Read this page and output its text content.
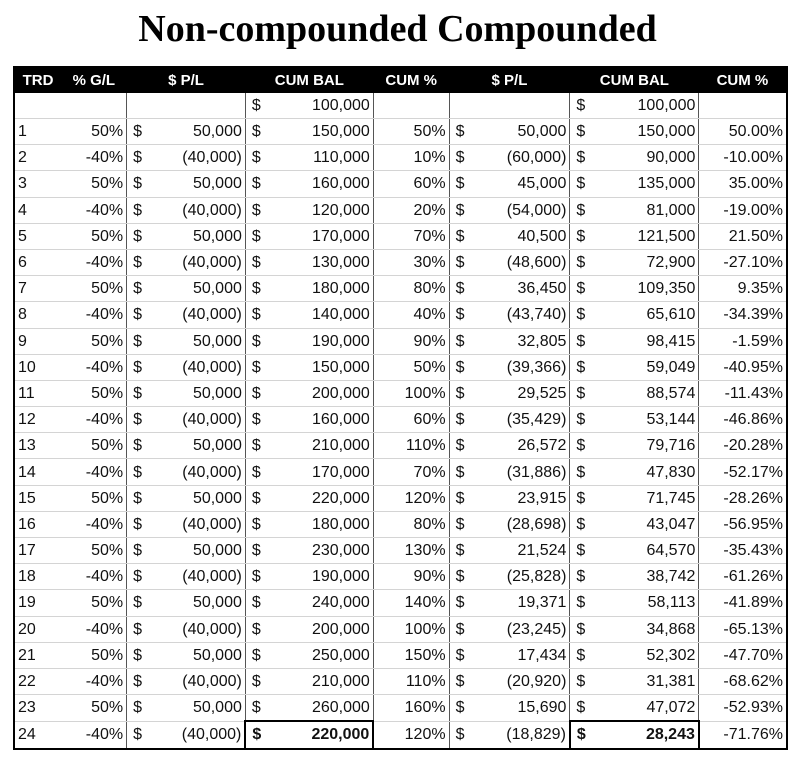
Non-compounded Compounded
TRD	% G/L	$ P/L		CUM BAL		CUM %	$ P/L		CUM BAL		CUM %
				$	100,000				$	100,000	
1	50%	$	50,000	$	150,000	50%	$	50,000	$	150,000	50.00%
2	-40%	$	(40,000)	$	110,000	10%	$	(60,000)	$	90,000	-10.00%
3	50%	$	50,000	$	160,000	60%	$	45,000	$	135,000	35.00%
4	-40%	$	(40,000)	$	120,000	20%	$	(54,000)	$	81,000	-19.00%
5	50%	$	50,000	$	170,000	70%	$	40,500	$	121,500	21.50%
6	-40%	$	(40,000)	$	130,000	30%	$	(48,600)	$	72,900	-27.10%
7	50%	$	50,000	$	180,000	80%	$	36,450	$	109,350	9.35%
8	-40%	$	(40,000)	$	140,000	40%	$	(43,740)	$	65,610	-34.39%
9	50%	$	50,000	$	190,000	90%	$	32,805	$	98,415	-1.59%
10	-40%	$	(40,000)	$	150,000	50%	$	(39,366)	$	59,049	-40.95%
11	50%	$	50,000	$	200,000	100%	$	29,525	$	88,574	-11.43%
12	-40%	$	(40,000)	$	160,000	60%	$	(35,429)	$	53,144	-46.86%
13	50%	$	50,000	$	210,000	110%	$	26,572	$	79,716	-20.28%
14	-40%	$	(40,000)	$	170,000	70%	$	(31,886)	$	47,830	-52.17%
15	50%	$	50,000	$	220,000	120%	$	23,915	$	71,745	-28.26%
16	-40%	$	(40,000)	$	180,000	80%	$	(28,698)	$	43,047	-56.95%
17	50%	$	50,000	$	230,000	130%	$	21,524	$	64,570	-35.43%
18	-40%	$	(40,000)	$	190,000	90%	$	(25,828)	$	38,742	-61.26%
19	50%	$	50,000	$	240,000	140%	$	19,371	$	58,113	-41.89%
20	-40%	$	(40,000)	$	200,000	100%	$	(23,245)	$	34,868	-65.13%
21	50%	$	50,000	$	250,000	150%	$	17,434	$	52,302	-47.70%
22	-40%	$	(40,000)	$	210,000	110%	$	(20,920)	$	31,381	-68.62%
23	50%	$	50,000	$	260,000	160%	$	15,690	$	47,072	-52.93%
24	-40%	$	(40,000)	$	220,000	120%	$	(18,829)	$	28,243	-71.76%
